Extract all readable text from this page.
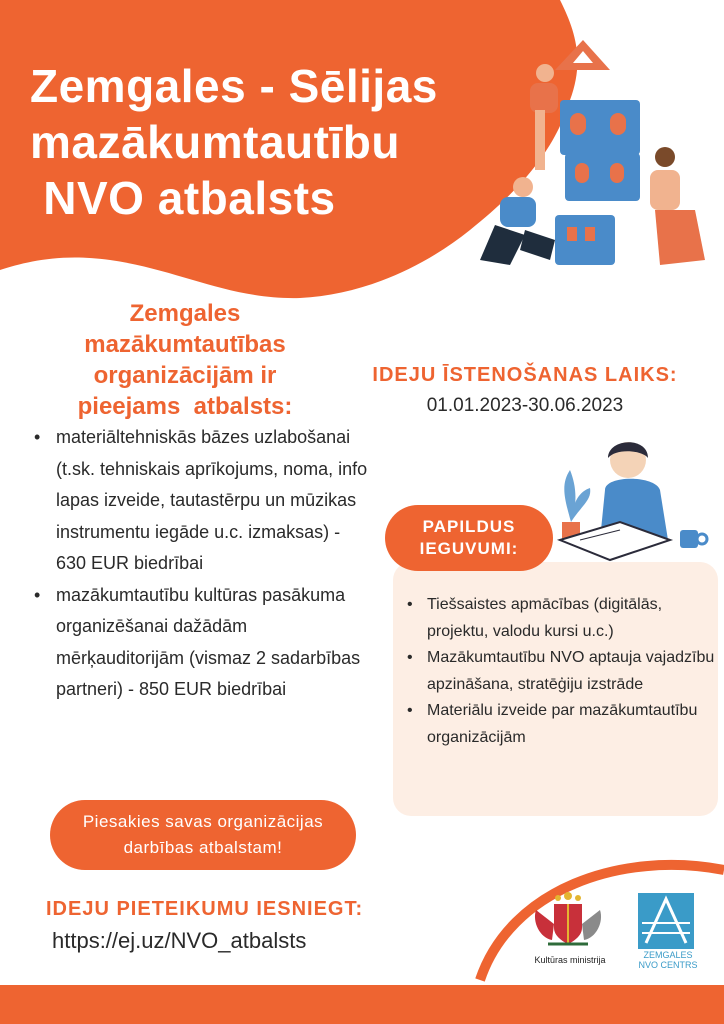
Zemgales - Sēlijas
mazākumtautību
NVO atbalsts
Zemgales
mazākumtautības
organizācijām ir
pieejams  atbalsts:
• materiāltehniskās bāzes uzlabošanai (t.sk. tehniskais aprīkojums, noma, info lapas izveide, tautastērpu un mūzikas instrumentu iegāde u.c. izmaksas) - 630 EUR biedrībai
• mazākumtautību kultūras pasākuma organizēšanai dažādām mērķauditorijām (vismaz 2 sadarbības partneri) - 850 EUR biedrībai
IDEJU ĪSTENOŠANAS LAIKS:
01.01.2023-30.06.2023
PAPILDUS
IEGUVUMI:
• Tiešsaistes apmācības (digitālās, projektu, valodu kursi u.c.)
• Mazākumtautību NVO aptauja vajadzību apzināšana, stratēģiju izstrāde
• Materiālu izveide par mazākumtautību organizācijām
Piesakies savas organizācijas
darbības atbalstam!
IDEJU PIETEIKUMU IESNIEGT:
https://ej.uz/NVO_atbalsts
Kultūras ministrija	ZEMGALES
NVO CENTRS
